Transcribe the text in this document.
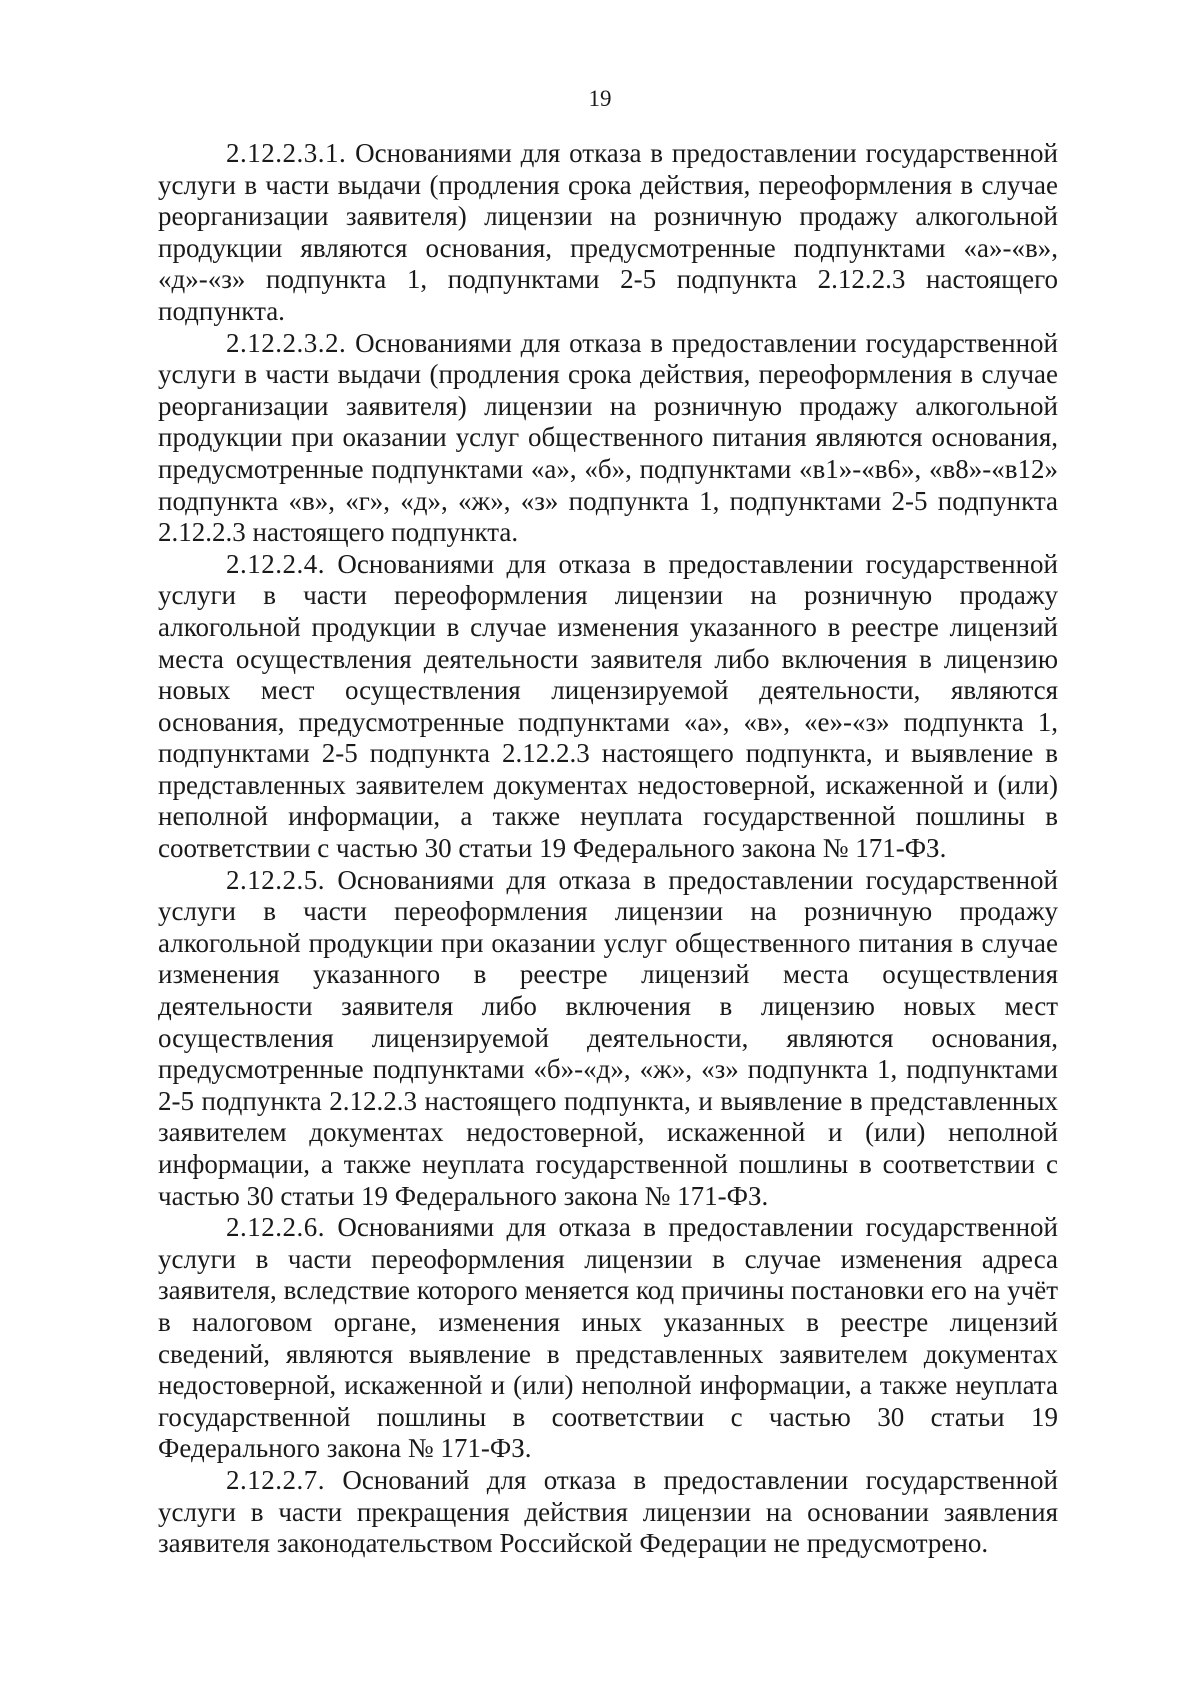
19

2.12.2.3.1. Основаниями для отказа в предоставлении государственной услуги в части выдачи (продления срока действия, переоформления в случае реорганизации заявителя) лицензии на розничную продажу алкогольной продукции являются основания, предусмотренные подпунктами «а»-«в», «д»-«з» подпункта 1, подпунктами 2-5 подпункта 2.12.2.3 настоящего подпункта.

2.12.2.3.2. Основаниями для отказа в предоставлении государственной услуги в части выдачи (продления срока действия, переоформления в случае реорганизации заявителя) лицензии на розничную продажу алкогольной продукции при оказании услуг общественного питания являются основания, предусмотренные подпунктами «а», «б», подпунктами «в1»-«в6», «в8»-«в12» подпункта «в», «г», «д», «ж», «з» подпункта 1, подпунктами 2-5 подпункта 2.12.2.3 настоящего подпункта.

2.12.2.4. Основаниями для отказа в предоставлении государственной услуги в части переоформления лицензии на розничную продажу алкогольной продукции в случае изменения указанного в реестре лицензий места осуществления деятельности заявителя либо включения в лицензию новых мест осуществления лицензируемой деятельности, являются основания, предусмотренные подпунктами «а», «в», «е»-«з» подпункта 1, подпунктами 2-5 подпункта 2.12.2.3 настоящего подпункта, и выявление в представленных заявителем документах недостоверной, искаженной и (или) неполной информации, а также неуплата государственной пошлины в соответствии с частью 30 статьи 19 Федерального закона № 171-ФЗ.

2.12.2.5. Основаниями для отказа в предоставлении государственной услуги в части переоформления лицензии на розничную продажу алкогольной продукции при оказании услуг общественного питания в случае изменения указанного в реестре лицензий места осуществления деятельности заявителя либо включения в лицензию новых мест осуществления лицензируемой деятельности, являются основания, предусмотренные подпунктами «б»-«д», «ж», «з» подпункта 1, подпунктами 2-5 подпункта 2.12.2.3 настоящего подпункта, и выявление в представленных заявителем документах недостоверной, искаженной и (или) неполной информации, а также неуплата государственной пошлины в соответствии с частью 30 статьи 19 Федерального закона № 171-ФЗ.

2.12.2.6. Основаниями для отказа в предоставлении государственной услуги в части переоформления лицензии в случае изменения адреса заявителя, вследствие которого меняется код причины постановки его на учёт в налоговом органе, изменения иных указанных в реестре лицензий сведений, являются выявление в представленных заявителем документах недостоверной, искаженной и (или) неполной информации, а также неуплата государственной пошлины в соответствии с частью 30 статьи 19 Федерального закона № 171-ФЗ.

2.12.2.7. Оснований для отказа в предоставлении государственной услуги в части прекращения действия лицензии на основании заявления заявителя законодательством Российской Федерации не предусмотрено.
